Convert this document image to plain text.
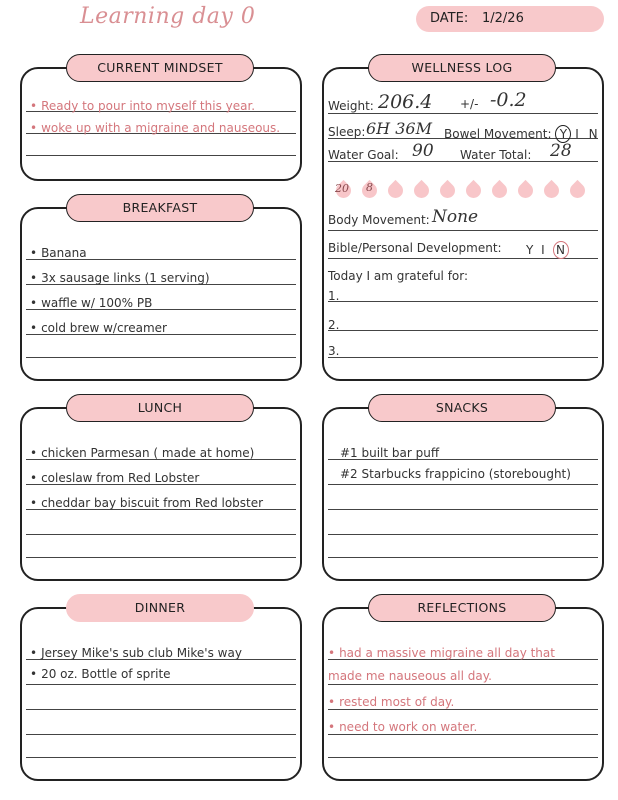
Learning day 0	DATE: 1/2/26
• Ready to pour into myself this year.
• woke up with a migraine and nauseous.
CURRENT MINDSET
• Banana
• 3x sausage links (1 serving)
• waffle w/ 100% PB
• cold brew w/creamer
BREAKFAST
• chicken Parmesan ( made at home)
• coleslaw from Red Lobster
• cheddar bay biscuit from Red lobster
LUNCH
• Jersey Mike's sub club Mike's way
• 20 oz. Bottle of sprite
DINNER
Weight: 206.4 +/- -0.2
Sleep: 6H 36M Bowel Movement: Y I N
Water Goal: 90 Water Total: 28
20 8
Body Movement: None
Bible/Personal Development: Y I N
Today I am grateful for:
1.
2.
3.
WELLNESS LOG
#1 built bar puff
#2 Starbucks frappicino (storebought)
SNACKS
• had a massive migraine all day that
made me nauseous all day.
• rested most of day.
• need to work on water.
REFLECTIONS
